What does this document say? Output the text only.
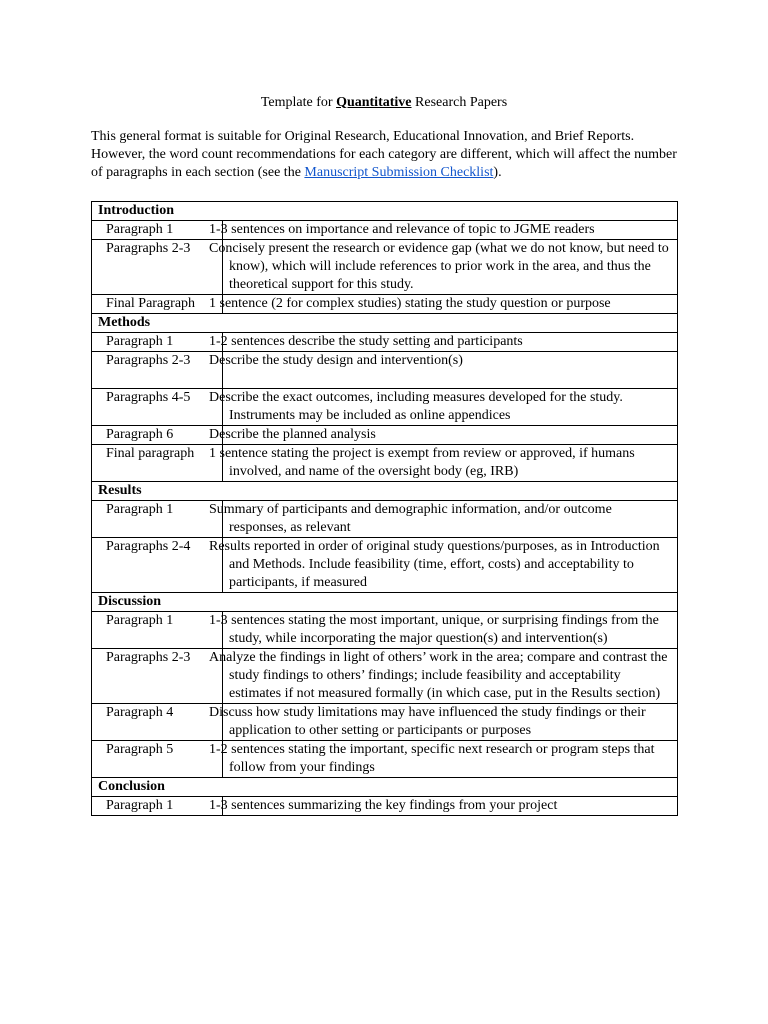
Template for Quantitative Research Papers
This general format is suitable for Original Research, Educational Innovation, and Brief Reports. However, the word count recommendations for each category are different, which will affect the number of paragraphs in each section (see the Manuscript Submission Checklist).
Introduction	
Paragraph 1	1-3 sentences on importance and relevance of topic to JGME readers
Paragraphs 2-3	Concisely present the research or evidence gap (what we do not know, but need to know), which will include references to prior work in the area, and thus the theoretical support for this study.
Final Paragraph	1 sentence (2 for complex studies) stating the study question or purpose
Methods	
Paragraph 1	1-2 sentences describe the study setting and participants
Paragraphs 2-3	Describe the study design and intervention(s)
Paragraphs 4-5	Describe the exact outcomes, including measures developed for the study. Instruments may be included as online appendices
Paragraph 6	Describe the planned analysis
Final paragraph	1 sentence stating the project is exempt from review or approved, if humans involved, and name of the oversight body (eg, IRB)
Results	
Paragraph 1	Summary of participants and demographic information, and/or outcome responses, as relevant
Paragraphs 2-4	Results reported in order of original study questions/purposes, as in Introduction and Methods. Include feasibility (time, effort, costs) and acceptability to participants, if measured
Discussion	
Paragraph 1	1-3 sentences stating the most important, unique, or surprising findings from the study, while incorporating the major question(s) and intervention(s)
Paragraphs 2-3	Analyze the findings in light of others’ work in the area; compare and contrast the study findings to others’ findings; include feasibility and acceptability estimates if not measured formally (in which case, put in the Results section)
Paragraph 4	Discuss how study limitations may have influenced the study findings or their application to other setting or participants or purposes
Paragraph 5	1-2 sentences stating the important, specific next research or program steps that follow from your findings
Conclusion	
Paragraph 1	1-3 sentences summarizing the key findings from your project
